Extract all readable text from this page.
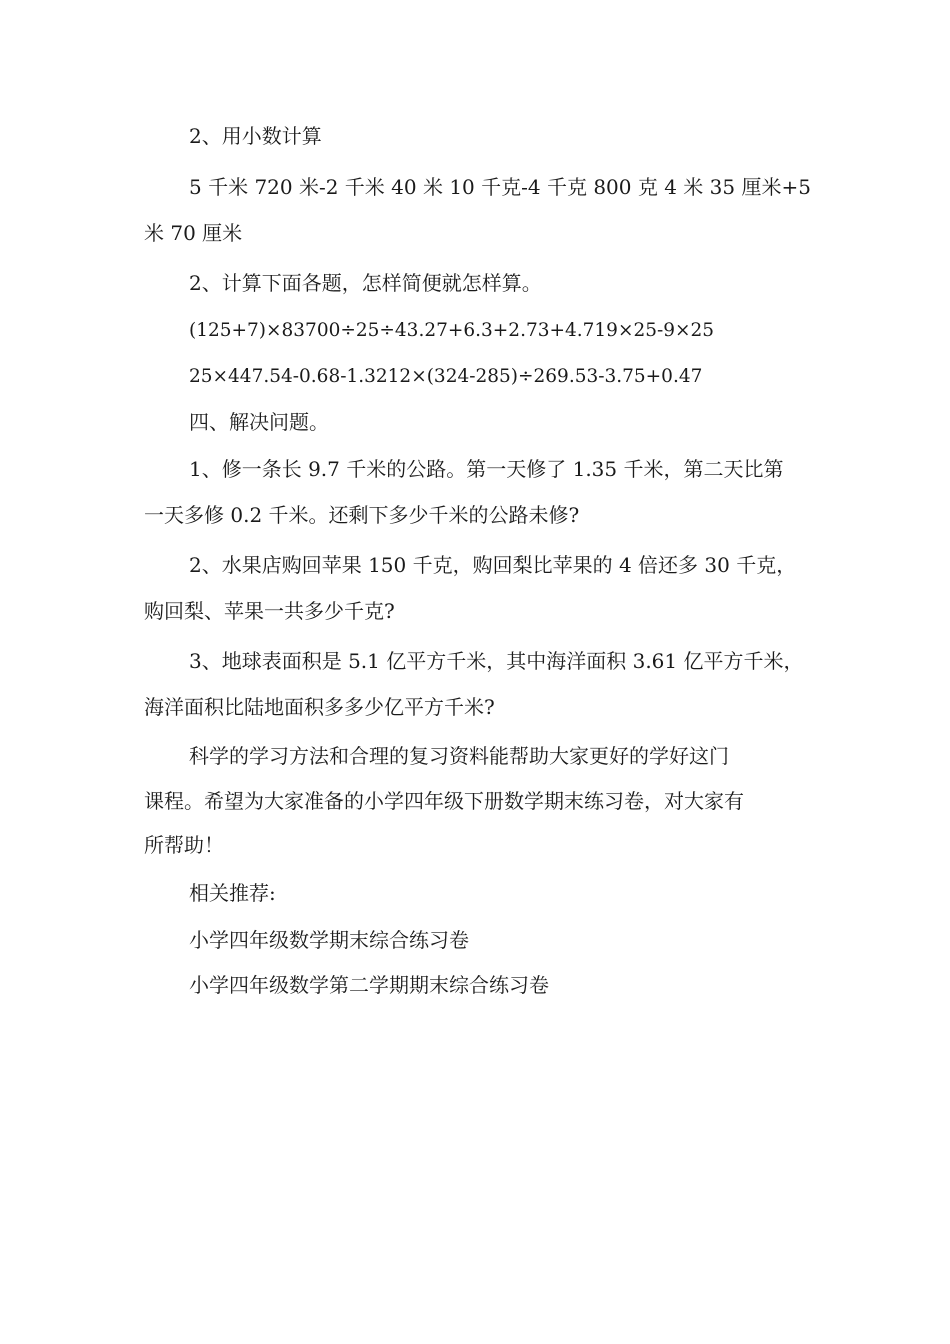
2、用小数计算
5 千米 720 米-2 千米 40 米 10 千克-4 千克 800 克 4 米 35 厘米+5
米 70 厘米
2、计算下面各题，怎样简便就怎样算。
(125+7)×83700÷25÷43.27+6.3+2.73+4.719×25-9×25
25×447.54-0.68-1.3212×(324-285)÷269.53-3.75+0.47
四、解决问题。
1、修一条长 9.7 千米的公路。第一天修了 1.35 千米，第二天比第
一天多修 0.2 千米。还剩下多少千米的公路未修?
2、水果店购回苹果 150 千克，购回梨比苹果的 4 倍还多 30 千克，
购回梨、苹果一共多少千克?
3、地球表面积是 5.1 亿平方千米，其中海洋面积 3.61 亿平方千米，
海洋面积比陆地面积多多少亿平方千米?
科学的学习方法和合理的复习资料能帮助大家更好的学好这门
课程。希望为大家准备的小学四年级下册数学期末练习卷，对大家有
所帮助！
相关推荐:
小学四年级数学期末综合练习卷
小学四年级数学第二学期期末综合练习卷
